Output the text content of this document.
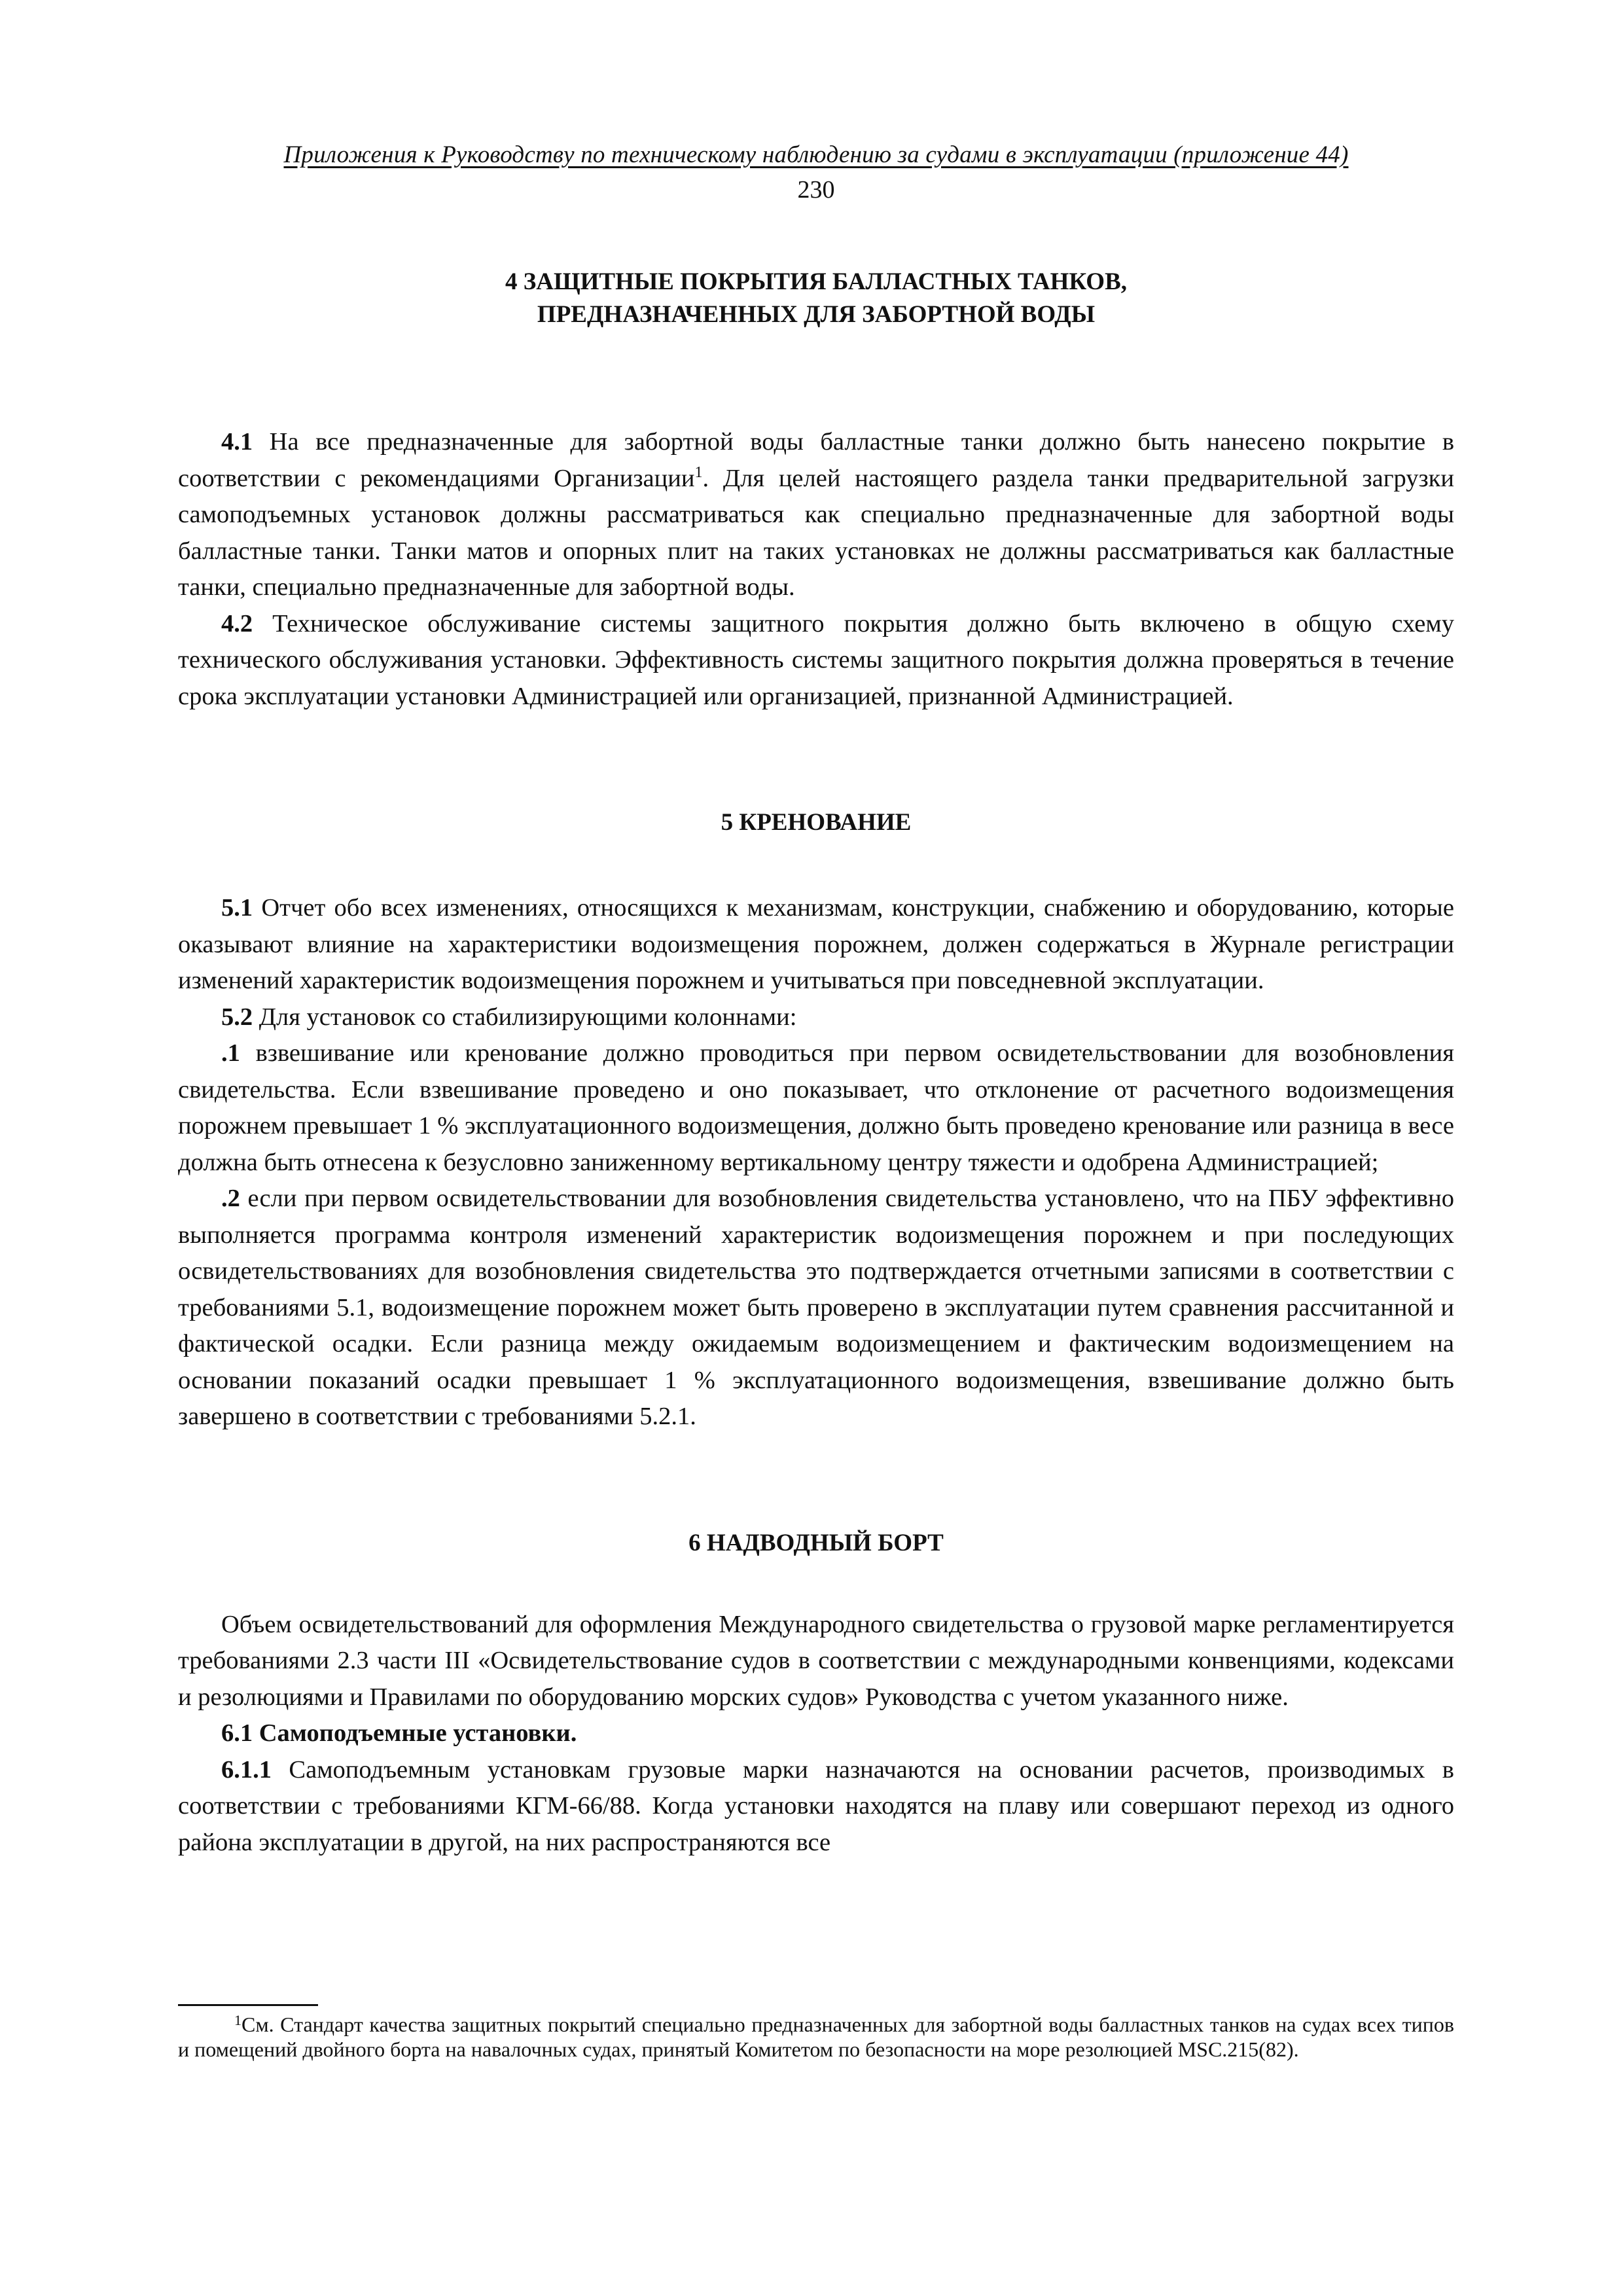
Приложения к Руководству по техническому наблюдению за судами в эксплуатации (приложение 44)
230
4 ЗАЩИТНЫЕ ПОКРЫТИЯ БАЛЛАСТНЫХ ТАНКОВ,
ПРЕДНАЗНАЧЕННЫХ ДЛЯ ЗАБОРТНОЙ ВОДЫ

4.1 На все предназначенные для забортной воды балластные танки должно быть нанесено покрытие в соответствии с рекомендациями Организации$^1$. Для целей настоящего раздела танки предварительной загрузки самоподъемных установок должны рассматриваться как специально предназначенные для забортной воды балластные танки. Танки матов и опорных плит на таких установках не должны рассматриваться как балластные танки, специально предназначенные для забортной воды.

4.2 Техническое обслуживание системы защитного покрытия должно быть включено в общую схему технического обслуживания установки. Эффективность системы защитного покрытия должна проверяться в течение срока эксплуатации установки Администрацией или организацией, признанной Администрацией.

5 КРЕНОВАНИЕ

5.1 Отчет обо всех изменениях, относящихся к механизмам, конструкции, снабжению и оборудованию, которые оказывают влияние на характеристики водоизмещения порожнем, должен содержаться в Журнале регистрации изменений характеристик водоизмещения порожнем и учитываться при повседневной эксплуатации.

5.2 Для установок со стабилизирующими колоннами:

.1 взвешивание или кренование должно проводиться при первом освидетельствовании для возобновления свидетельства. Если взвешивание проведено и оно показывает, что отклонение от расчетного водоизмещения порожнем превышает 1 % эксплуатационного водоизмещения, должно быть проведено кренование или разница в весе должна быть отнесена к безусловно заниженному вертикальному центру тяжести и одобрена Администрацией;

.2 если при первом освидетельствовании для возобновления свидетельства установлено, что на ПБУ эффективно выполняется программа контроля изменений характеристик водоизмещения порожнем и при последующих освидетельствованиях для возобновления свидетельства это подтверждается отчетными записями в соответствии с требованиями 5.1, водоизмещение порожнем может быть проверено в эксплуатации путем сравнения рассчитанной и фактической осадки. Если разница между ожидаемым водоизмещением и фактическим водоизмещением на основании показаний осадки превышает 1 % эксплуатационного водоизмещения, взвешивание должно быть завершено в соответствии с требованиями 5.2.1.

6 НАДВОДНЫЙ БОРТ

Объем освидетельствований для оформления Международного свидетельства о грузовой марке регламентируется требованиями 2.3 части III «Освидетельствование судов в соответствии с международными конвенциями, кодексами и резолюциями и Правилами по оборудованию морских судов» Руководства с учетом указанного ниже.

6.1 Самоподъемные установки.

6.1.1 Самоподъемным установкам грузовые марки назначаются на основании расчетов, производимых в соответствии с требованиями КГМ-66/88. Когда установки находятся на плаву или совершают переход из одного района эксплуатации в другой, на них распространяются все

$^1$См. Стандарт качества защитных покрытий специально предназначенных для забортной воды балластных танков на судах всех типов и помещений двойного борта на навалочных судах, принятый Комитетом по безопасности на море резолюцией MSC.215(82).
